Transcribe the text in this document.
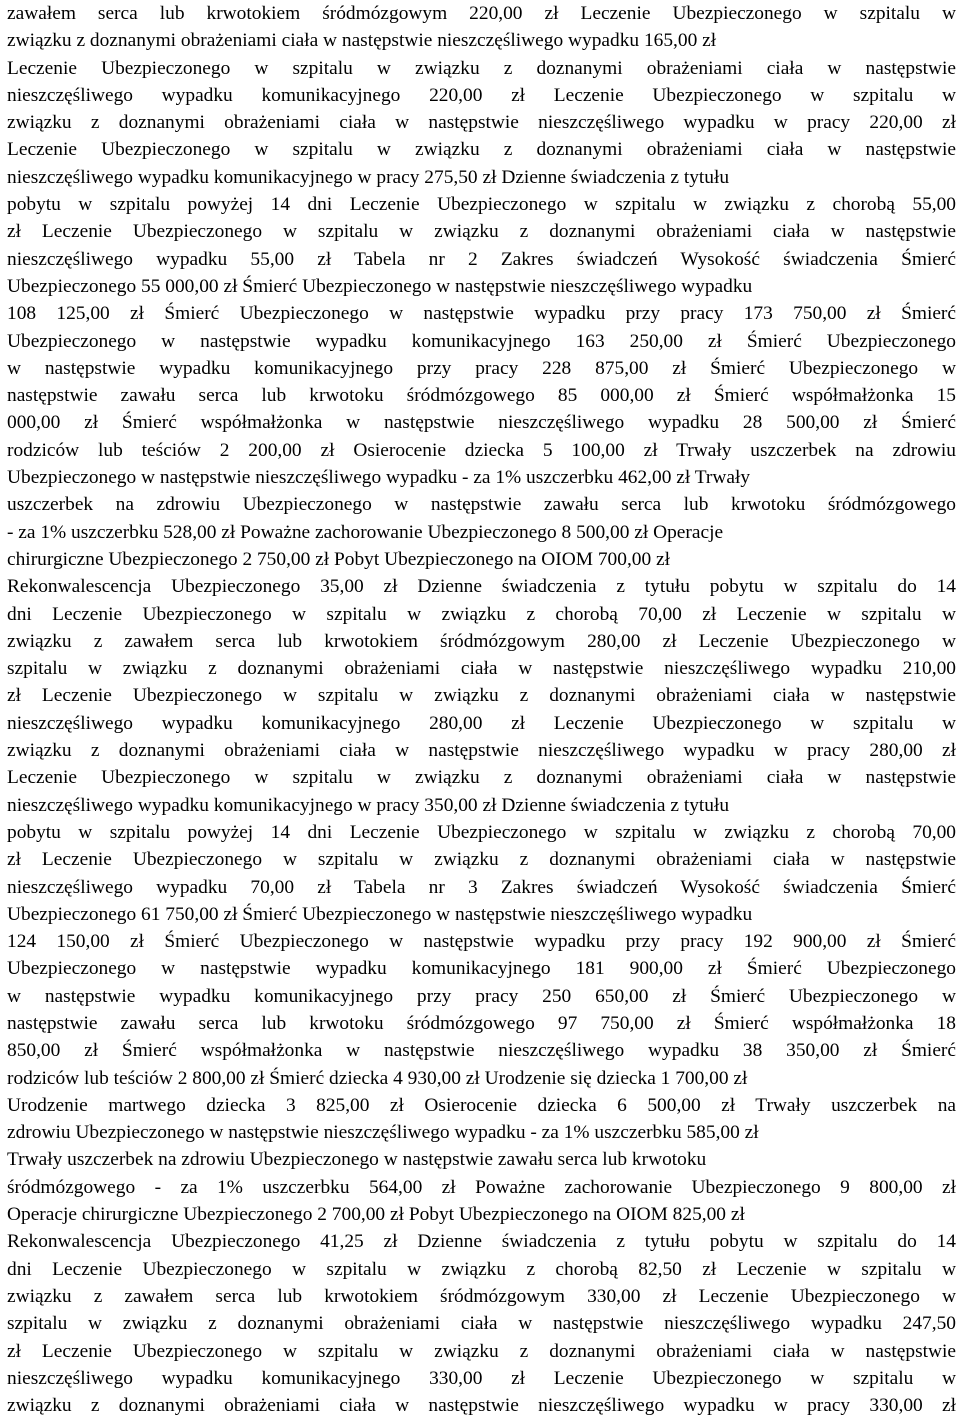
zawałem serca lub krwotokiem śródmózgowym 220,00 zł Leczenie Ubezpieczonego w szpitalu w
związku z doznanymi obrażeniami ciała w następstwie nieszczęśliwego wypadku 165,00 zł
Leczenie Ubezpieczonego w szpitalu w związku z doznanymi obrażeniami ciała w następstwie
nieszczęśliwego wypadku komunikacyjnego 220,00 zł Leczenie Ubezpieczonego w szpitalu w
związku z doznanymi obrażeniami ciała w następstwie nieszczęśliwego wypadku w pracy 220,00 zł
Leczenie Ubezpieczonego w szpitalu w związku z doznanymi obrażeniami ciała w następstwie
nieszczęśliwego wypadku komunikacyjnego w pracy 275,50 zł Dzienne świadczenia z tytułu
pobytu w szpitalu powyżej 14 dni Leczenie Ubezpieczonego w szpitalu w związku z chorobą 55,00
zł Leczenie Ubezpieczonego w szpitalu w związku z doznanymi obrażeniami ciała w następstwie
nieszczęśliwego wypadku 55,00 zł Tabela nr 2 Zakres świadczeń Wysokość świadczenia Śmierć
Ubezpieczonego 55 000,00 zł Śmierć Ubezpieczonego w następstwie nieszczęśliwego wypadku
108 125,00 zł Śmierć Ubezpieczonego w następstwie wypadku przy pracy 173 750,00 zł Śmierć
Ubezpieczonego w następstwie wypadku komunikacyjnego 163 250,00 zł Śmierć Ubezpieczonego
w następstwie wypadku komunikacyjnego przy pracy 228 875,00 zł Śmierć Ubezpieczonego w
następstwie zawału serca lub krwotoku śródmózgowego 85 000,00 zł Śmierć współmałżonka 15
000,00 zł Śmierć współmałżonka w następstwie nieszczęśliwego wypadku 28 500,00 zł Śmierć
rodziców lub teściów 2 200,00 zł Osierocenie dziecka 5 100,00 zł Trwały uszczerbek na zdrowiu
Ubezpieczonego w następstwie nieszczęśliwego wypadku - za 1% uszczerbku 462,00 zł Trwały
uszczerbek na zdrowiu Ubezpieczonego w następstwie zawału serca lub krwotoku śródmózgowego
- za 1% uszczerbku 528,00 zł Poważne zachorowanie Ubezpieczonego 8 500,00 zł Operacje
chirurgiczne Ubezpieczonego 2 750,00 zł Pobyt Ubezpieczonego na OIOM 700,00 zł
Rekonwalescencja Ubezpieczonego 35,00 zł Dzienne świadczenia z tytułu pobytu w szpitalu do 14
dni Leczenie Ubezpieczonego w szpitalu w związku z chorobą 70,00 zł Leczenie w szpitalu w
związku z zawałem serca lub krwotokiem śródmózgowym 280,00 zł Leczenie Ubezpieczonego w
szpitalu w związku z doznanymi obrażeniami ciała w następstwie nieszczęśliwego wypadku 210,00
zł Leczenie Ubezpieczonego w szpitalu w związku z doznanymi obrażeniami ciała w następstwie
nieszczęśliwego wypadku komunikacyjnego 280,00 zł Leczenie Ubezpieczonego w szpitalu w
związku z doznanymi obrażeniami ciała w następstwie nieszczęśliwego wypadku w pracy 280,00 zł
Leczenie Ubezpieczonego w szpitalu w związku z doznanymi obrażeniami ciała w następstwie
nieszczęśliwego wypadku komunikacyjnego w pracy 350,00 zł Dzienne świadczenia z tytułu
pobytu w szpitalu powyżej 14 dni Leczenie Ubezpieczonego w szpitalu w związku z chorobą 70,00
zł Leczenie Ubezpieczonego w szpitalu w związku z doznanymi obrażeniami ciała w następstwie
nieszczęśliwego wypadku 70,00 zł Tabela nr 3 Zakres świadczeń Wysokość świadczenia Śmierć
Ubezpieczonego 61 750,00 zł Śmierć Ubezpieczonego w następstwie nieszczęśliwego wypadku
124 150,00 zł Śmierć Ubezpieczonego w następstwie wypadku przy pracy 192 900,00 zł Śmierć
Ubezpieczonego w następstwie wypadku komunikacyjnego 181 900,00 zł Śmierć Ubezpieczonego
w następstwie wypadku komunikacyjnego przy pracy 250 650,00 zł Śmierć Ubezpieczonego w
następstwie zawału serca lub krwotoku śródmózgowego 97 750,00 zł Śmierć współmałżonka 18
850,00 zł Śmierć współmałżonka w następstwie nieszczęśliwego wypadku 38 350,00 zł Śmierć
rodziców lub teściów 2 800,00 zł Śmierć dziecka 4 930,00 zł Urodzenie się dziecka 1 700,00 zł
Urodzenie martwego dziecka 3 825,00 zł Osierocenie dziecka 6 500,00 zł Trwały uszczerbek na
zdrowiu Ubezpieczonego w następstwie nieszczęśliwego wypadku - za 1% uszczerbku 585,00 zł
Trwały uszczerbek na zdrowiu Ubezpieczonego w następstwie zawału serca lub krwotoku
śródmózgowego - za 1% uszczerbku 564,00 zł Poważne zachorowanie Ubezpieczonego 9 800,00 zł
Operacje chirurgiczne Ubezpieczonego 2 700,00 zł Pobyt Ubezpieczonego na OIOM 825,00 zł
Rekonwalescencja Ubezpieczonego 41,25 zł Dzienne świadczenia z tytułu pobytu w szpitalu do 14
dni Leczenie Ubezpieczonego w szpitalu w związku z chorobą 82,50 zł Leczenie w szpitalu w
związku z zawałem serca lub krwotokiem śródmózgowym 330,00 zł Leczenie Ubezpieczonego w
szpitalu w związku z doznanymi obrażeniami ciała w następstwie nieszczęśliwego wypadku 247,50
zł Leczenie Ubezpieczonego w szpitalu w związku z doznanymi obrażeniami ciała w następstwie
nieszczęśliwego wypadku komunikacyjnego 330,00 zł Leczenie Ubezpieczonego w szpitalu w
związku z doznanymi obrażeniami ciała w następstwie nieszczęśliwego wypadku w pracy 330,00 zł
